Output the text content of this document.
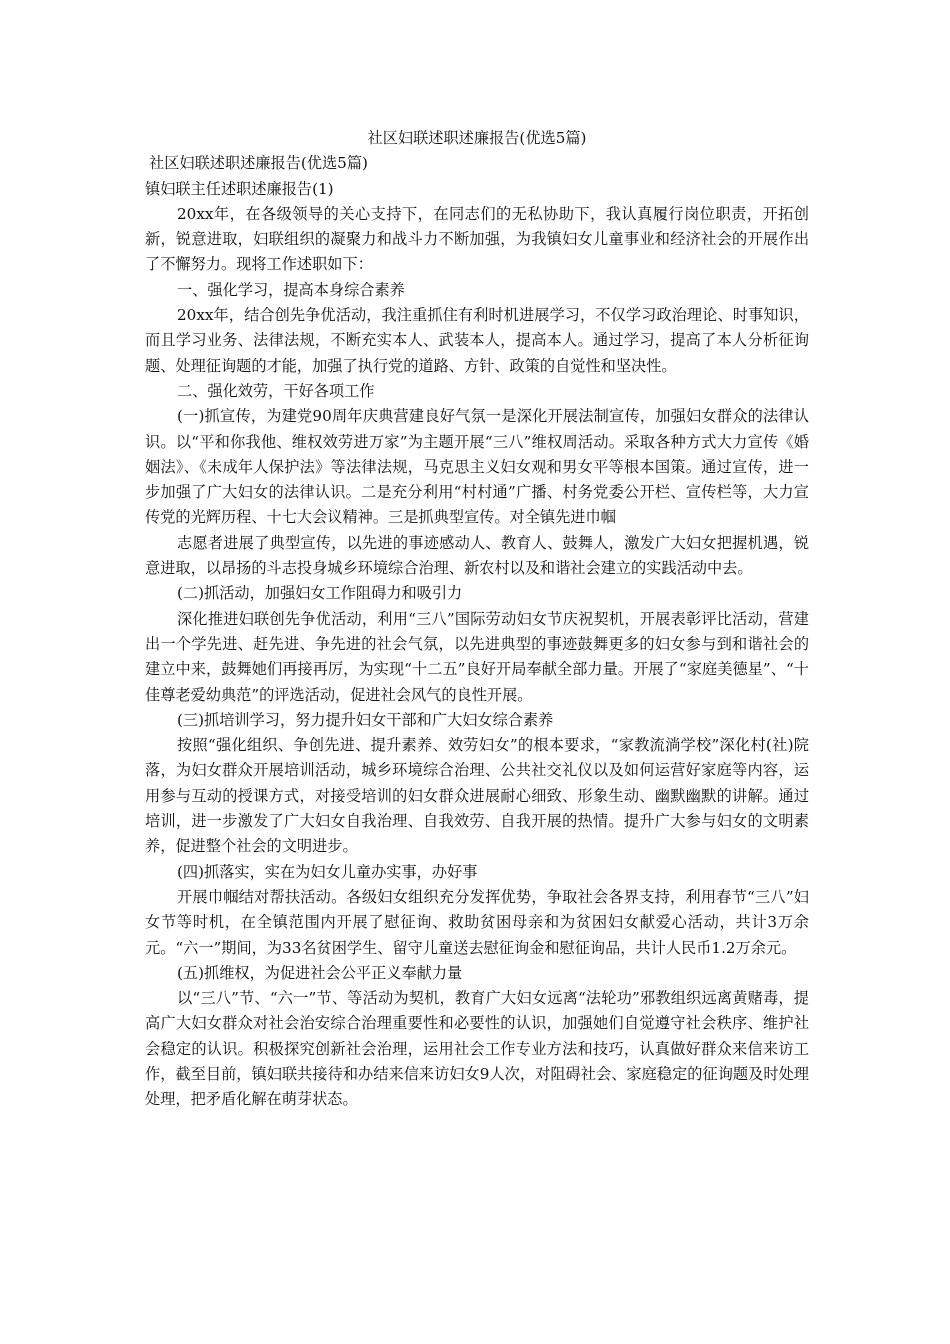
社区妇联述职述廉报告(优选5篇)

社区妇联述职述廉报告(优选5篇)

镇妇联主任述职述廉报告(1)

20xx年，在各级领导的关心支持下，在同志们的无私协助下，我认真履行岗位职责，开拓创新，锐意进取，妇联组织的凝聚力和战斗力不断加强，为我镇妇女儿童事业和经济社会的开展作出了不懈努力。现将工作述职如下：

一、强化学习，提高本身综合素养

20xx年，结合创先争优活动，我注重抓住有利时机进展学习，不仅学习政治理论、时事知识，而且学习业务、法律法规，不断充实本人、武装本人，提高本人。通过学习，提高了本人分析征询题、处理征询题的才能，加强了执行党的道路、方针、政策的自觉性和坚决性。

二、强化效劳，干好各项工作

(一)抓宣传，为建党90周年庆典营建良好气氛一是深化开展法制宣传，加强妇女群众的法律认识。以“平和你我他、维权效劳进万家”为主题开展“三八”维权周活动。采取各种方式大力宣传《婚姻法》、《未成年人保护法》等法律法规，马克思主义妇女观和男女平等根本国策。通过宣传，进一步加强了广大妇女的法律认识。二是充分利用“村村通”广播、村务党委公开栏、宣传栏等，大力宣传党的光辉历程、十七大会议精神。三是抓典型宣传。对全镇先进巾帼

志愿者进展了典型宣传，以先进的事迹感动人、教育人、鼓舞人，激发广大妇女把握机遇，锐意进取，以昂扬的斗志投身城乡环境综合治理、新农村以及和谐社会建立的实践活动中去。

(二)抓活动，加强妇女工作阻碍力和吸引力

深化推进妇联创先争优活动，利用“三八”国际劳动妇女节庆祝契机，开展表彰评比活动，营建出一个学先进、赶先进、争先进的社会气氛，以先进典型的事迹鼓舞更多的妇女参与到和谐社会的建立中来，鼓舞她们再接再厉，为实现“十二五”良好开局奉献全部力量。开展了“家庭美德星”、“十佳尊老爱幼典范”的评选活动，促进社会风气的良性开展。

(三)抓培训学习，努力提升妇女干部和广大妇女综合素养

按照“强化组织、争创先进、提升素养、效劳妇女”的根本要求，“家教流淌学校”深化村(社)院落，为妇女群众开展培训活动，城乡环境综合治理、公共社交礼仪以及如何运营好家庭等内容，运用参与互动的授课方式，对接受培训的妇女群众进展耐心细致、形象生动、幽默幽默的讲解。通过培训，进一步激发了广大妇女自我治理、自我效劳、自我开展的热情。提升广大参与妇女的文明素养，促进整个社会的文明进步。

(四)抓落实，实在为妇女儿童办实事，办好事

开展巾帼结对帮扶活动。各级妇女组织充分发挥优势，争取社会各界支持，利用春节“三八”妇女节等时机，在全镇范围内开展了慰征询、救助贫困母亲和为贫困妇女献爱心活动，共计3万余元。“六一”期间，为33名贫困学生、留守儿童送去慰征询金和慰征询品，共计人民币1.2万余元。

(五)抓维权，为促进社会公平正义奉献力量

以“三八”节、“六一”节、等活动为契机，教育广大妇女远离“法轮功”邪教组织远离黄赌毒，提高广大妇女群众对社会治安综合治理重要性和必要性的认识，加强她们自觉遵守社会秩序、维护社会稳定的认识。积极探究创新社会治理，运用社会工作专业方法和技巧，认真做好群众来信来访工作，截至目前，镇妇联共接待和办结来信来访妇女9人次，对阻碍社会、家庭稳定的征询题及时处理处理，把矛盾化解在萌芽状态。
